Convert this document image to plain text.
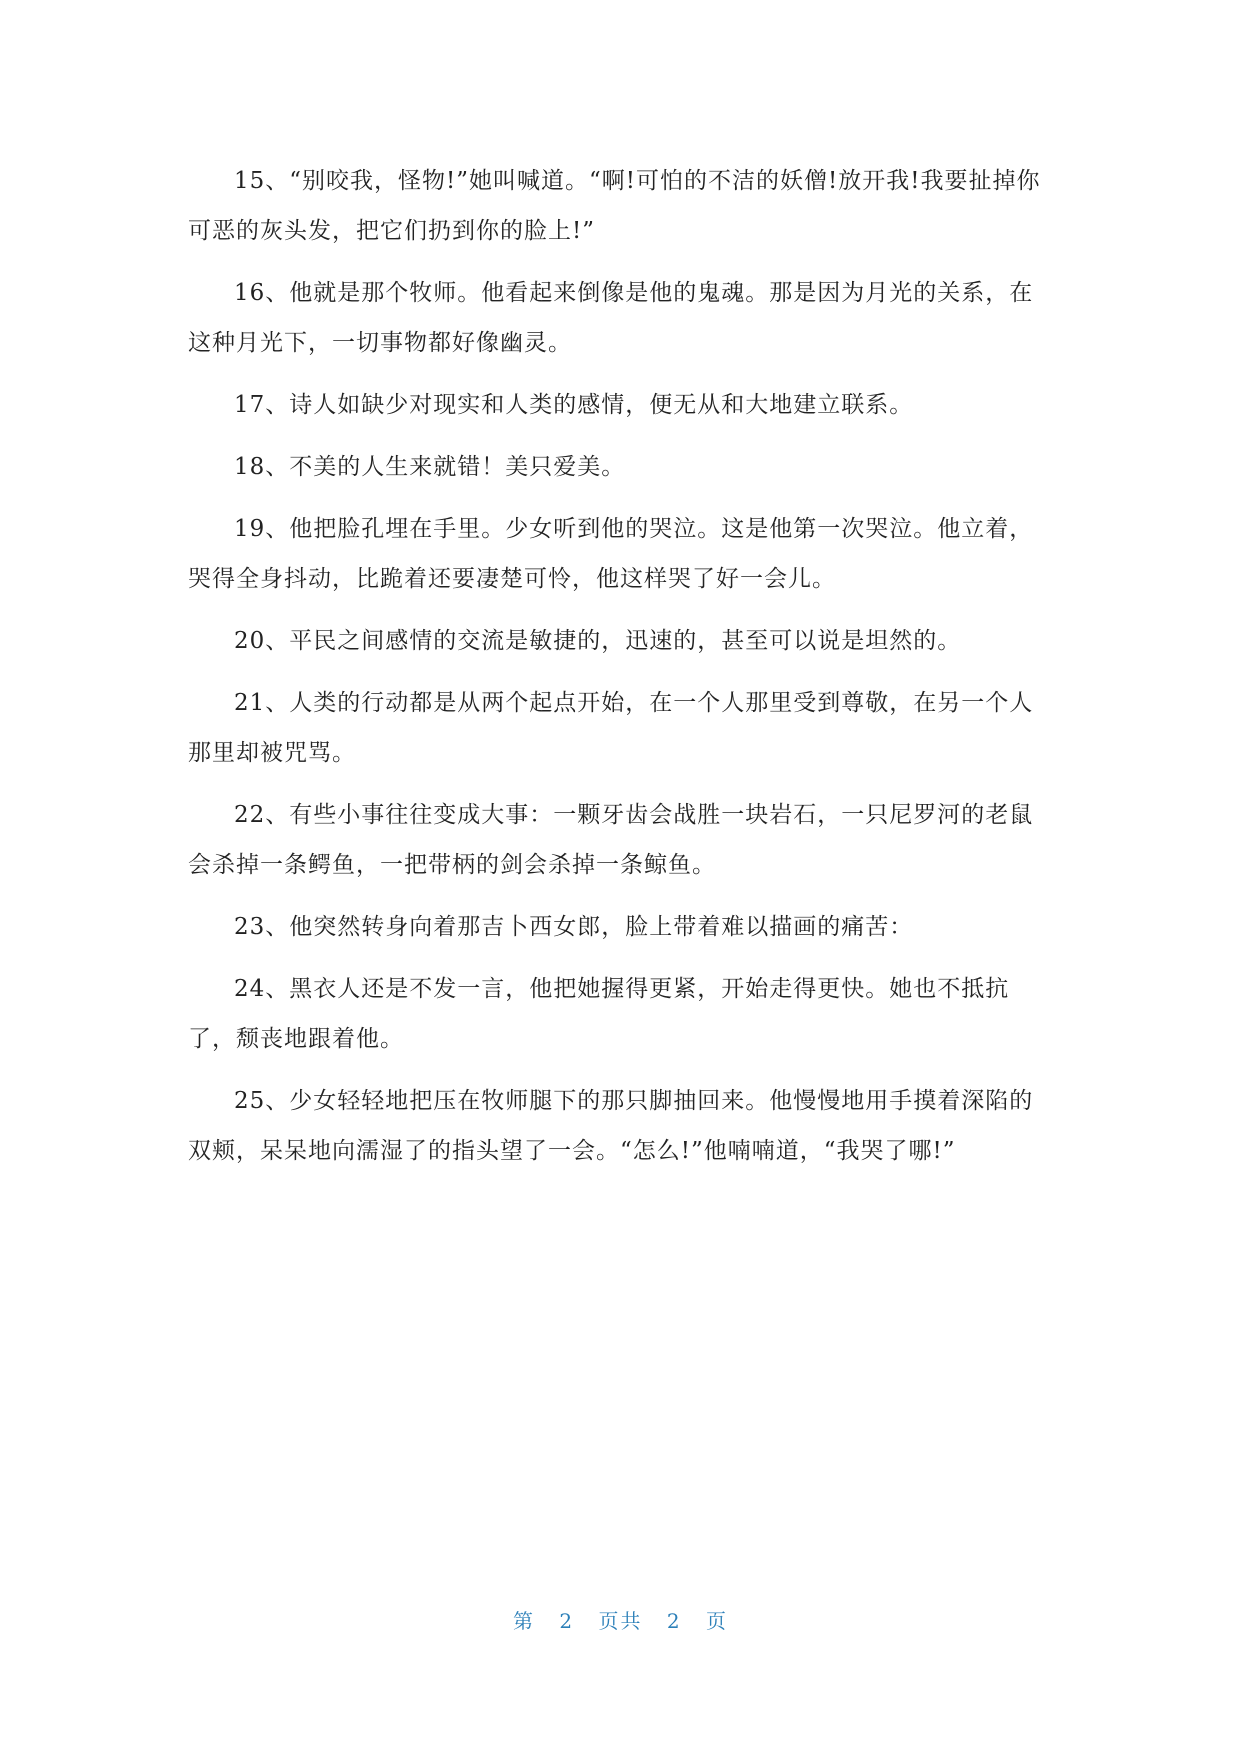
15、“别咬我，怪物!”她叫喊道。“啊!可怕的不洁的妖僧!放开我!我要扯掉你可恶的灰头发，把它们扔到你的脸上!”

16、他就是那个牧师。他看起来倒像是他的鬼魂。那是因为月光的关系，在这种月光下，一切事物都好像幽灵。

17、诗人如缺少对现实和人类的感情，便无从和大地建立联系。

18、不美的人生来就错！美只爱美。

19、他把脸孔埋在手里。少女听到他的哭泣。这是他第一次哭泣。他立着，哭得全身抖动，比跪着还要凄楚可怜，他这样哭了好一会儿。

20、平民之间感情的交流是敏捷的，迅速的，甚至可以说是坦然的。

21、人类的行动都是从两个起点开始，在一个人那里受到尊敬，在另一个人那里却被咒骂。

22、有些小事往往变成大事：一颗牙齿会战胜一块岩石，一只尼罗河的老鼠会杀掉一条鳄鱼，一把带柄的剑会杀掉一条鲸鱼。

23、他突然转身向着那吉卜西女郎，脸上带着难以描画的痛苦：

24、黑衣人还是不发一言，他把她握得更紧，开始走得更快。她也不抵抗了，颓丧地跟着他。

25、少女轻轻地把压在牧师腿下的那只脚抽回来。他慢慢地用手摸着深陷的双颊，呆呆地向濡湿了的指头望了一会。“怎么!”他喃喃道，“我哭了哪!”

第 2 页共 2 页
